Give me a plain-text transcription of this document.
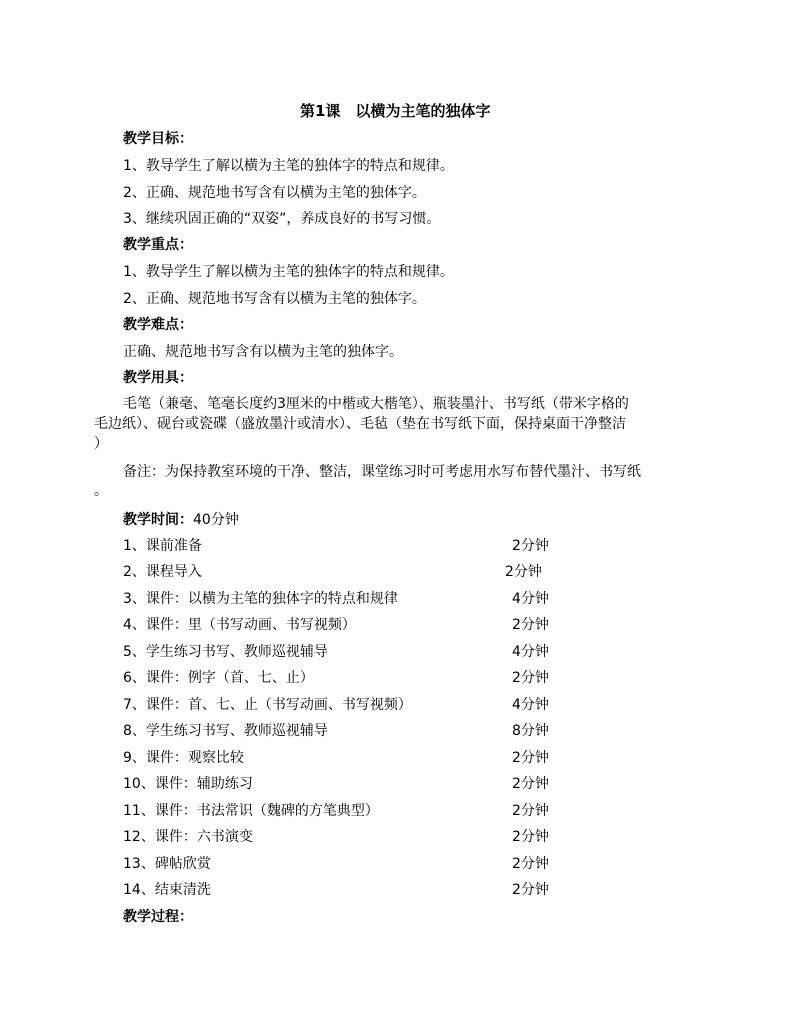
第1课　以横为主笔的独体字
教学目标：
1、教导学生了解以横为主笔的独体字的特点和规律。
2、正确、规范地书写含有以横为主笔的独体字。
3、继续巩固正确的“双姿”，养成良好的书写习惯。
教学重点：
1、教导学生了解以横为主笔的独体字的特点和规律。
2、正确、规范地书写含有以横为主笔的独体字。
教学难点：
正确、规范地书写含有以横为主笔的独体字。
教学用具：
毛笔（兼毫、笔毫长度约3厘米的中楷或大楷笔）、瓶装墨汁、书写纸（带米字格的
毛边纸）、砚台或瓷碟（盛放墨汁或清水）、毛毡（垫在书写纸下面，保持桌面干净整洁
）
备注：为保持教室环境的干净、整洁，课堂练习时可考虑用水写布替代墨汁、书写纸
。
教学时间：40分钟
1、课前准备	2分钟
2、课程导入	2分钟
3、课件：以横为主笔的独体字的特点和规律	4分钟
4、课件：里（书写动画、书写视频）	2分钟
5、学生练习书写、教师巡视辅导	4分钟
6、课件：例字（首、七、止）	2分钟
7、课件：首、七、止（书写动画、书写视频）	4分钟
8、学生练习书写、教师巡视辅导	8分钟
9、课件：观察比较	2分钟
10、课件：辅助练习	2分钟
11、课件：书法常识（魏碑的方笔典型）	2分钟
12、课件：六书演变	2分钟
13、碑帖欣赏	2分钟
14、结束清洗	2分钟
教学过程：
